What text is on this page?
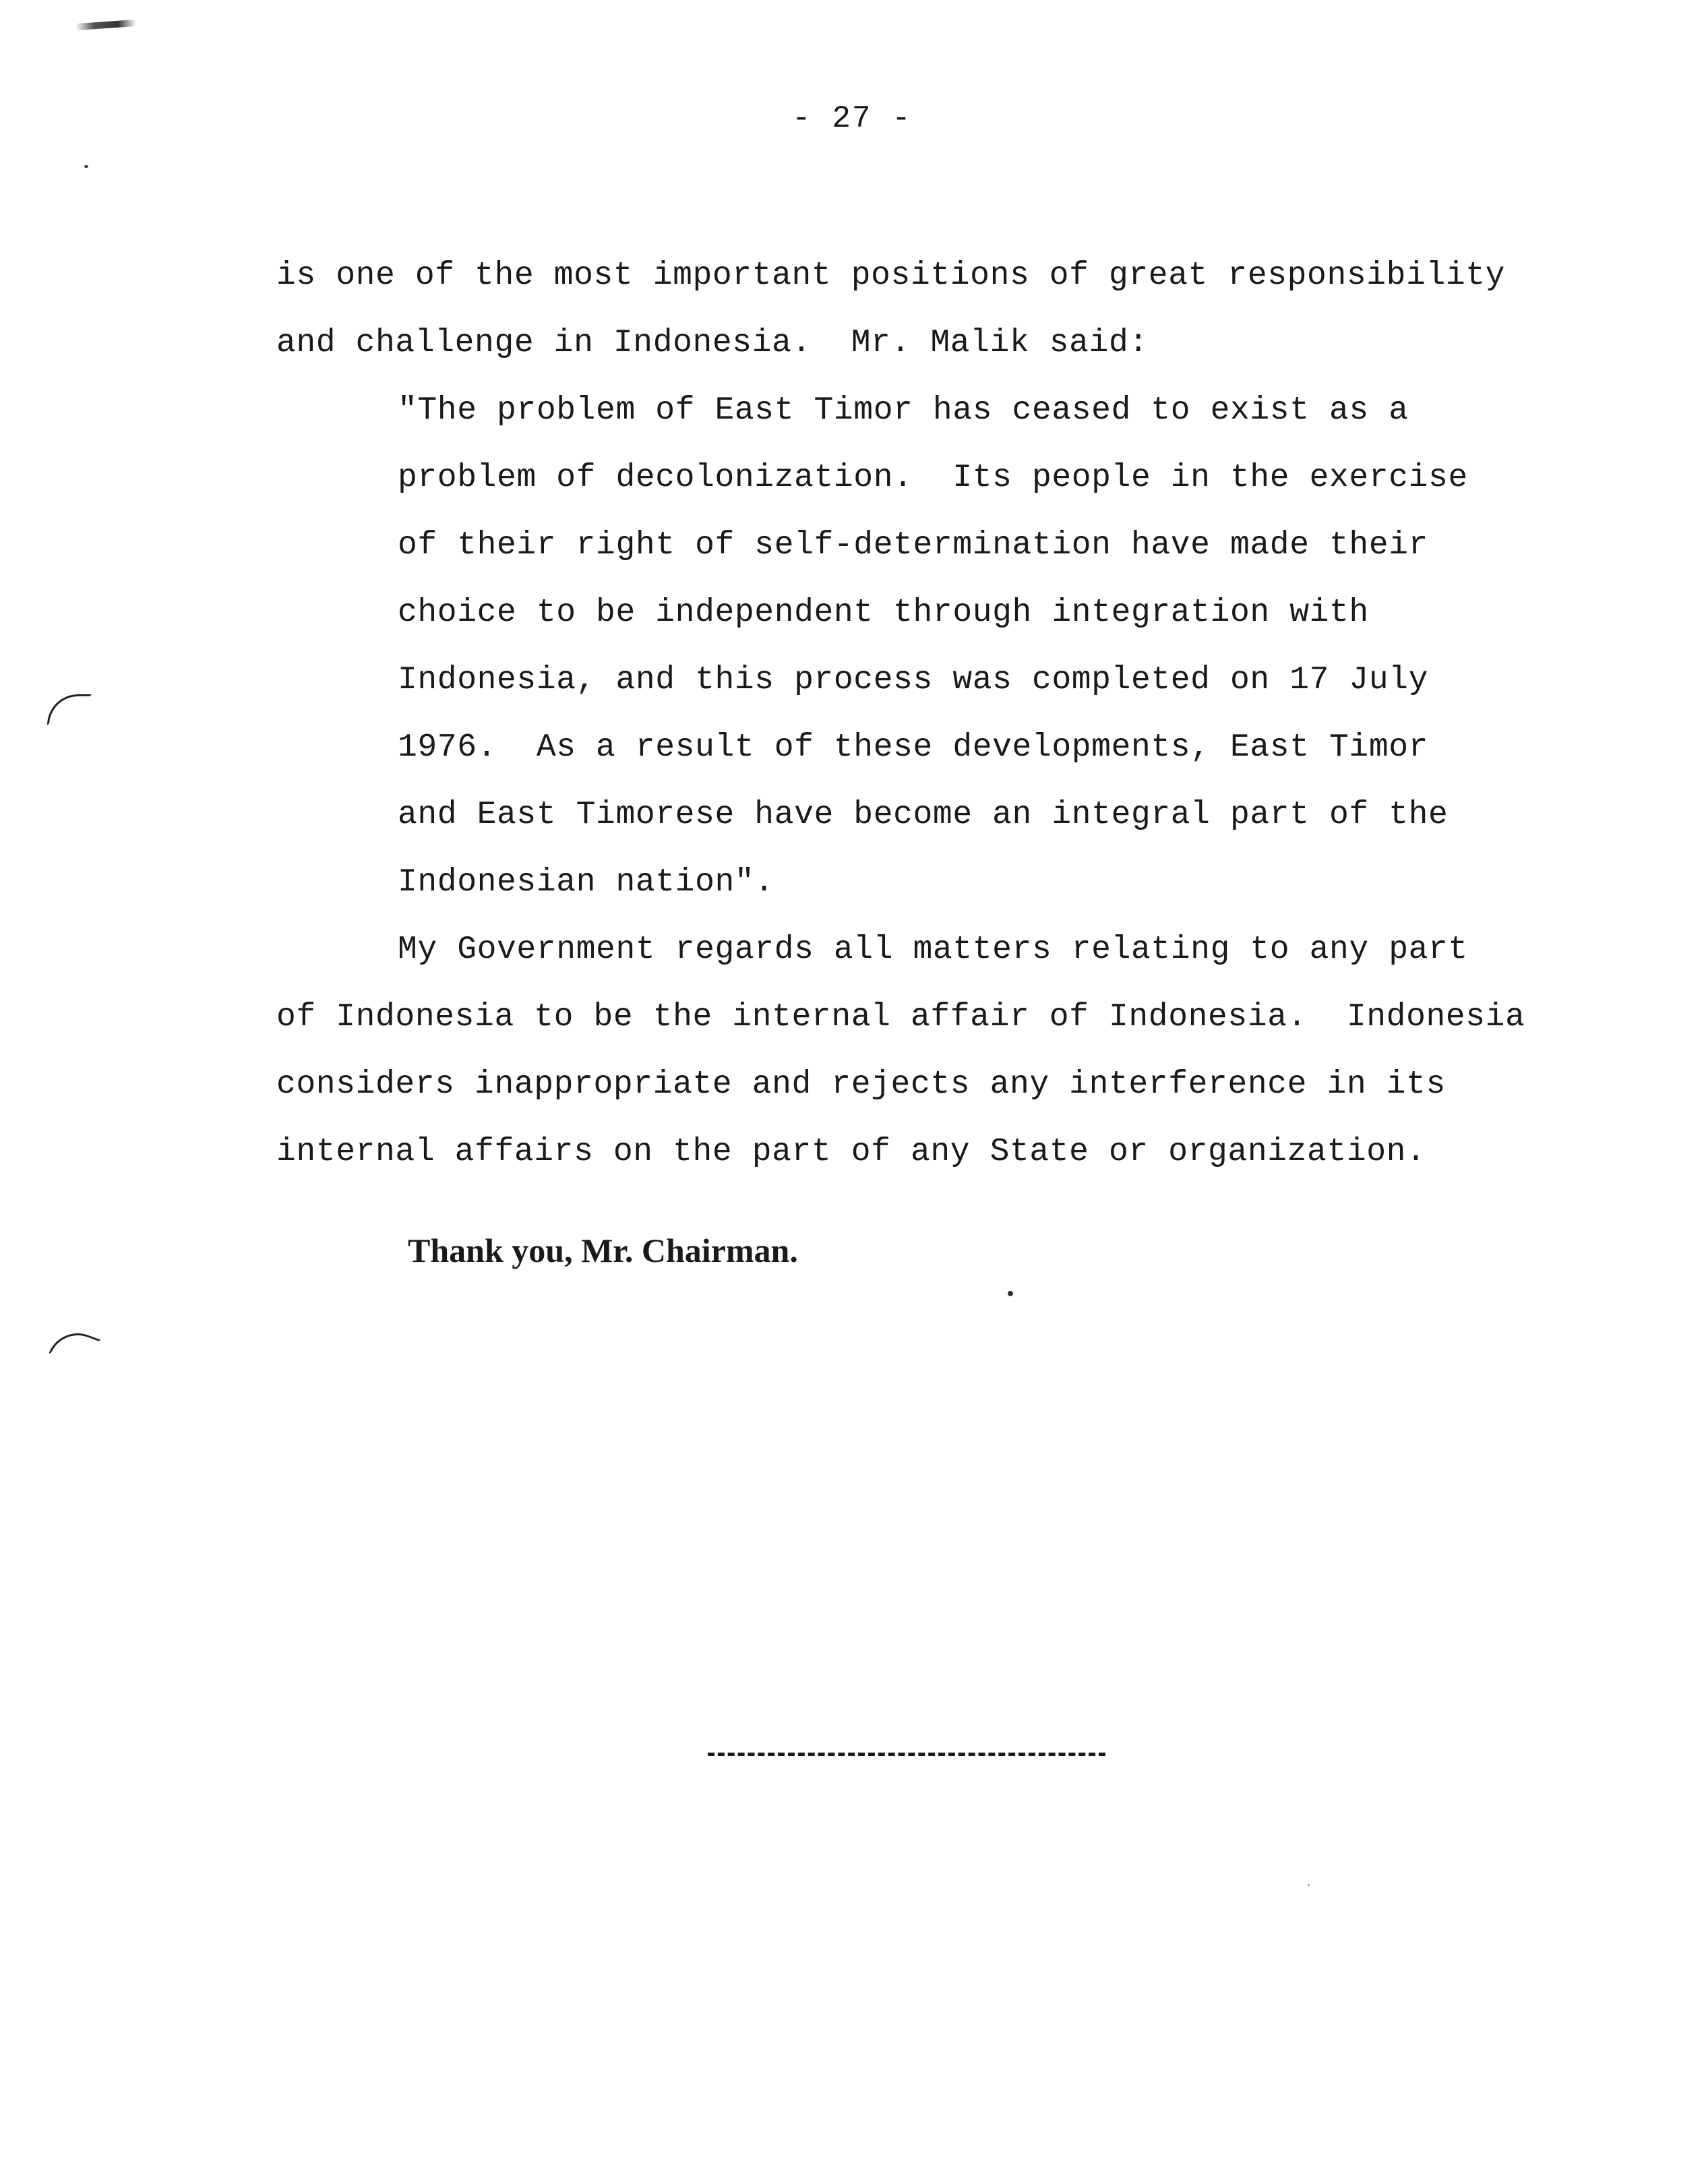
- 27 -
is one of the most important positions of great responsibility
and challenge in Indonesia.  Mr. Malik said:
"The problem of East Timor has ceased to exist as a
problem of decolonization.  Its people in the exercise
of their right of self-determination have made their
choice to be independent through integration with
Indonesia, and this process was completed on 17 July
1976.  As a result of these developments, East Timor
and East Timorese have become an integral part of the
Indonesian nation".
My Government regards all matters relating to any part
of Indonesia to be the internal affair of Indonesia.  Indonesia
considers inappropriate and rejects any interference in its
internal affairs on the part of any State or organization.
Thank you, Mr. Chairman.
